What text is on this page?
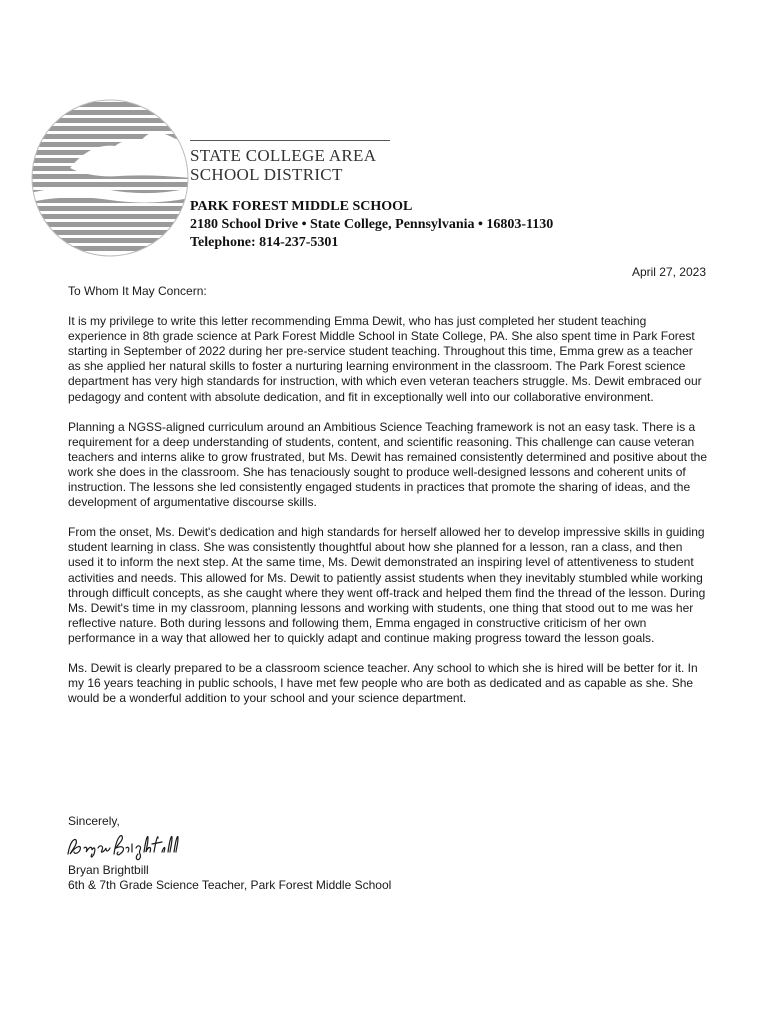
STATE COLLEGE AREA
SCHOOL DISTRICT
PARK FOREST MIDDLE SCHOOL
2180 School Drive • State College, Pennsylvania • 16803-1130
Telephone: 814-237-5301
April 27, 2023

To Whom It May Concern:

It is my privilege to write this letter recommending Emma Dewit, who has just completed her student teaching experience in 8th grade science at Park Forest Middle School in State College, PA. She also spent time in Park Forest starting in September of 2022 during her pre-service student teaching. Throughout this time, Emma grew as a teacher as she applied her natural skills to foster a nurturing learning environment in the classroom. The Park Forest science department has very high standards for instruction, with which even veteran teachers struggle. Ms. Dewit embraced our pedagogy and content with absolute dedication, and fit in exceptionally well into our collaborative environment.

Planning a NGSS-aligned curriculum around an Ambitious Science Teaching framework is not an easy task. There is a requirement for a deep understanding of students, content, and scientific reasoning. This challenge can cause veteran teachers and interns alike to grow frustrated, but Ms. Dewit has remained consistently determined and positive about the work she does in the classroom. She has tenaciously sought to produce well-designed lessons and coherent units of instruction. The lessons she led consistently engaged students in practices that promote the sharing of ideas, and the development of argumentative discourse skills.

From the onset, Ms. Dewit's dedication and high standards for herself allowed her to develop impressive skills in guiding student learning in class. She was consistently thoughtful about how she planned for a lesson, ran a class, and then used it to inform the next step. At the same time, Ms. Dewit demonstrated an inspiring level of attentiveness to student activities and needs. This allowed for Ms. Dewit to patiently assist students when they inevitably stumbled while working through difficult concepts, as she caught where they went off-track and helped them find the thread of the lesson. During Ms. Dewit's time in my classroom, planning lessons and working with students, one thing that stood out to me was her reflective nature. Both during lessons and following them, Emma engaged in constructive criticism of her own performance in a way that allowed her to quickly adapt and continue making progress toward the lesson goals.

Ms. Dewit is clearly prepared to be a classroom science teacher. Any school to which she is hired will be better for it. In my 16 years teaching in public schools, I have met few people who are both as dedicated and as capable as she. She would be a wonderful addition to your school and your science department.

Sincerely,
Bryan Brightbill
6th & 7th Grade Science Teacher, Park Forest Middle School
